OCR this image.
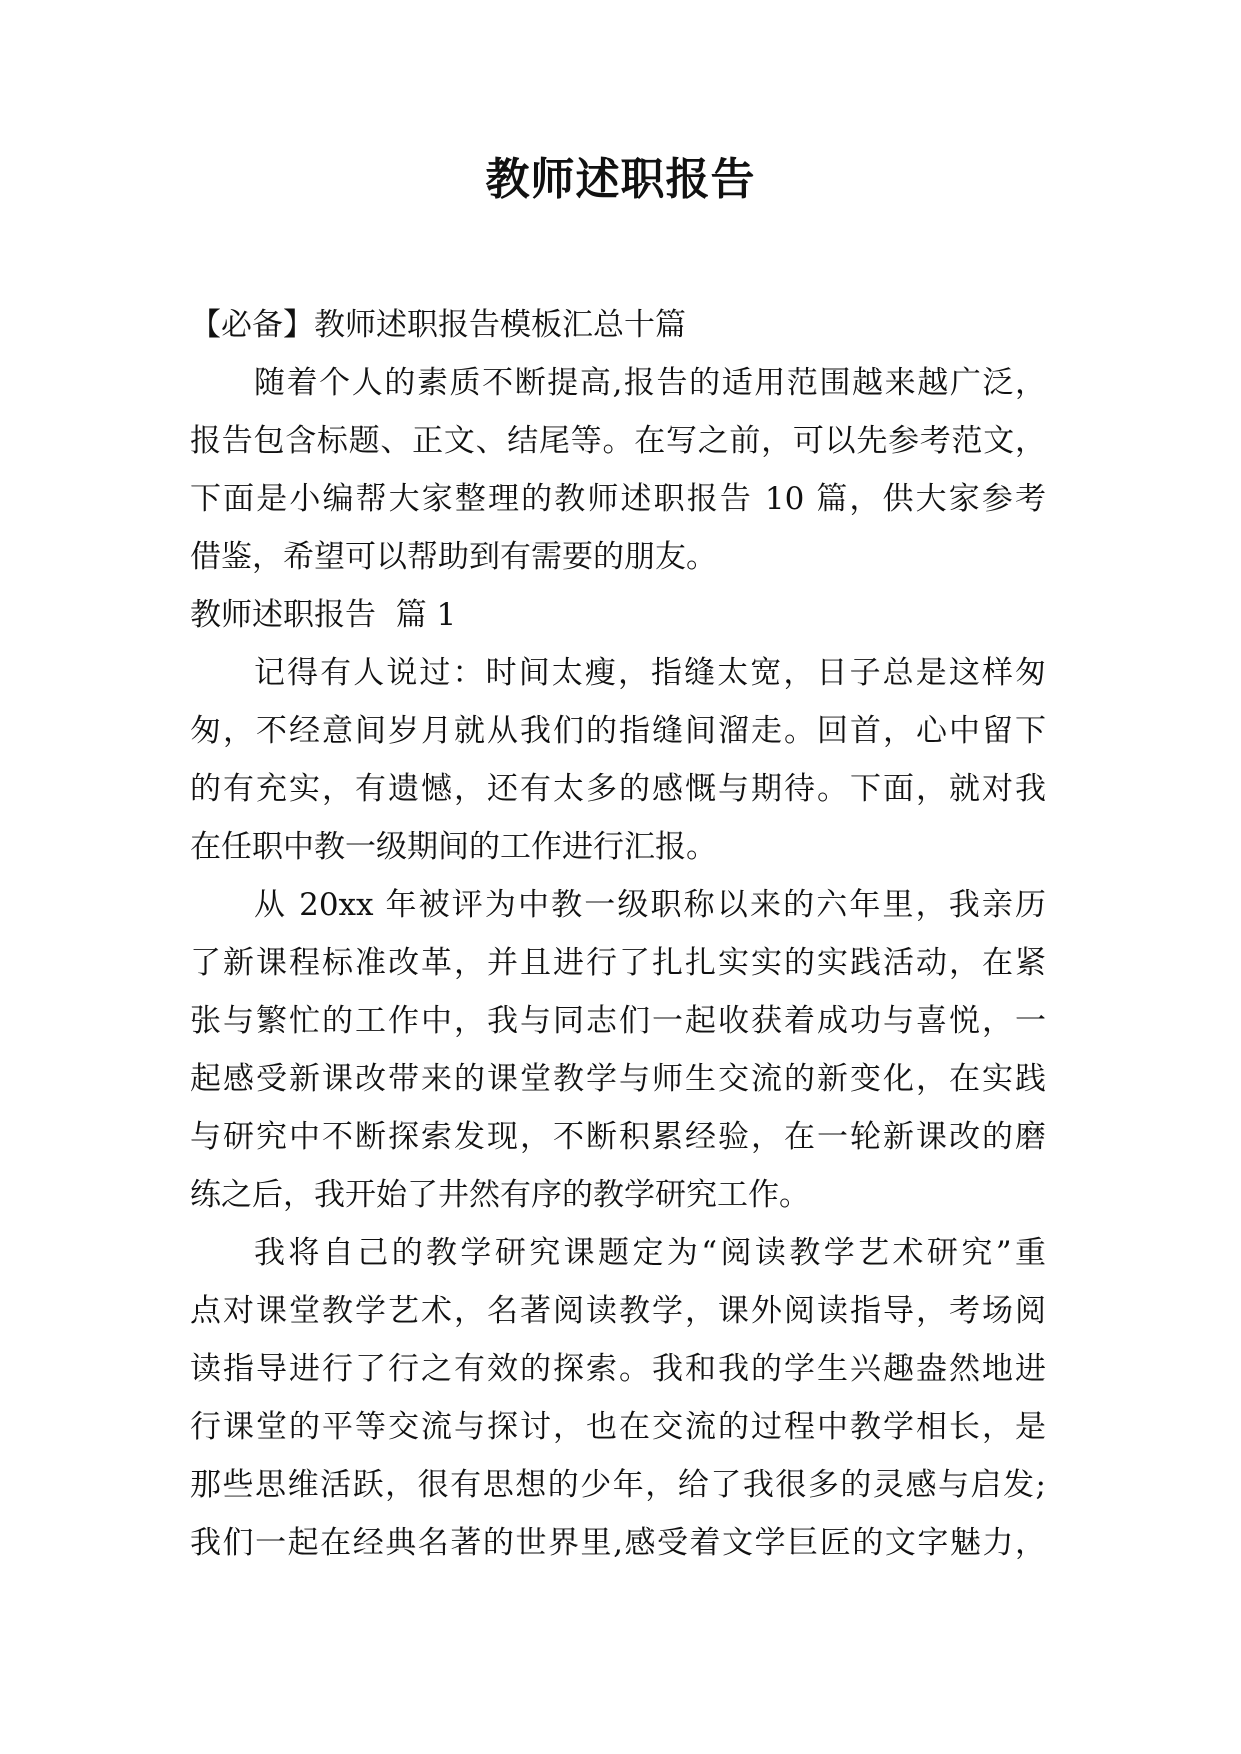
教师述职报告
【必备】教师述职报告模板汇总十篇
随着个人的素质不断提高,报告的适用范围越来越广泛，
报告包含标题、正文、结尾等。在写之前，可以先参考范文，
下面是小编帮大家整理的教师述职报告 10 篇，供大家参考
借鉴，希望可以帮助到有需要的朋友。
教师述职报告  篇 1
记得有人说过：时间太瘦，指缝太宽，日子总是这样匆
匆，不经意间岁月就从我们的指缝间溜走。回首，心中留下
的有充实，有遗憾，还有太多的感慨与期待。下面，就对我
在任职中教一级期间的工作进行汇报。
从 20xx 年被评为中教一级职称以来的六年里，我亲历
了新课程标准改革，并且进行了扎扎实实的实践活动，在紧
张与繁忙的工作中，我与同志们一起收获着成功与喜悦，一
起感受新课改带来的课堂教学与师生交流的新变化，在实践
与研究中不断探索发现，不断积累经验，在一轮新课改的磨
练之后，我开始了井然有序的教学研究工作。
我将自己的教学研究课题定为“阅读教学艺术研究”重
点对课堂教学艺术，名著阅读教学，课外阅读指导，考场阅
读指导进行了行之有效的探索。我和我的学生兴趣盎然地进
行课堂的平等交流与探讨，也在交流的过程中教学相长，是
那些思维活跃，很有思想的少年，给了我很多的灵感与启发;
我们一起在经典名著的世界里,感受着文学巨匠的文字魅力，
